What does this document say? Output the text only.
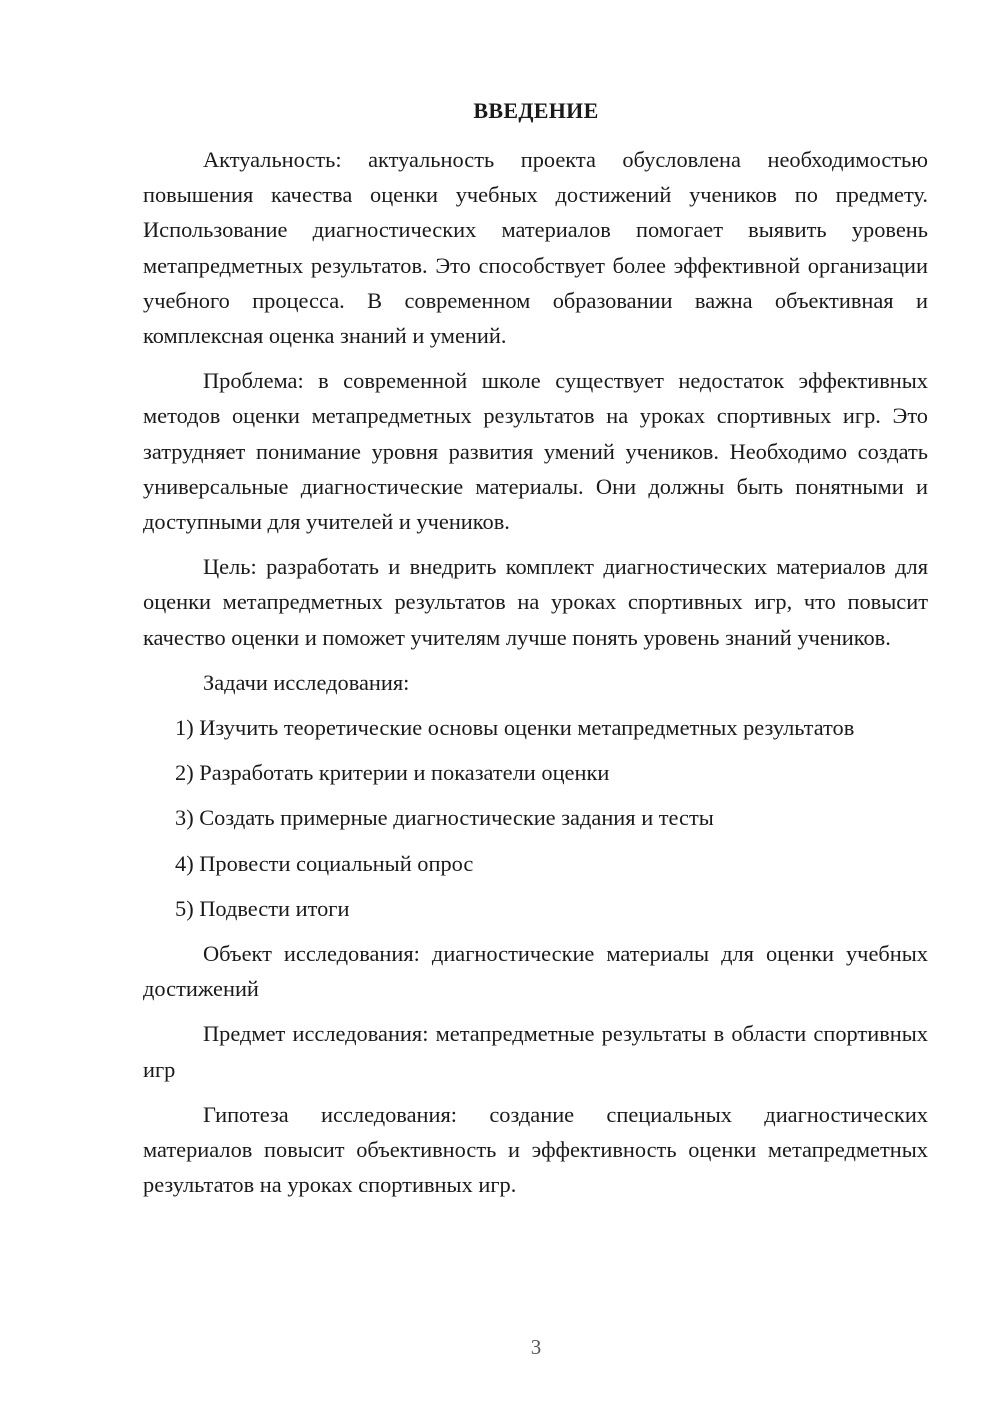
ВВЕДЕНИЕ

Актуальность: актуальность проекта обусловлена необходимостью повышения качества оценки учебных достижений учеников по предмету. Использование диагностических материалов помогает выявить уровень метапредметных результатов. Это способствует более эффективной организации учебного процесса. В современном образовании важна объективная и комплексная оценка знаний и умений.

Проблема: в современной школе существует недостаток эффективных методов оценки метапредметных результатов на уроках спортивных игр. Это затрудняет понимание уровня развития умений учеников. Необходимо создать универсальные диагностические материалы. Они должны быть понятными и доступными для учителей и учеников.

Цель: разработать и внедрить комплект диагностических материалов для оценки метапредметных результатов на уроках спортивных игр, что повысит качество оценки и поможет учителям лучше понять уровень знаний учеников.

Задачи исследования:

1) Изучить теоретические основы оценки метапредметных результатов
2) Разработать критерии и показатели оценки
3) Создать примерные диагностические задания и тесты
4) Провести социальный опрос
5) Подвести итоги

Объект исследования: диагностические материалы для оценки учебных достижений

Предмет исследования: метапредметные результаты в области спортивных игр

Гипотеза исследования: создание специальных диагностических материалов повысит объективность и эффективность оценки метапредметных результатов на уроках спортивных игр.

3
